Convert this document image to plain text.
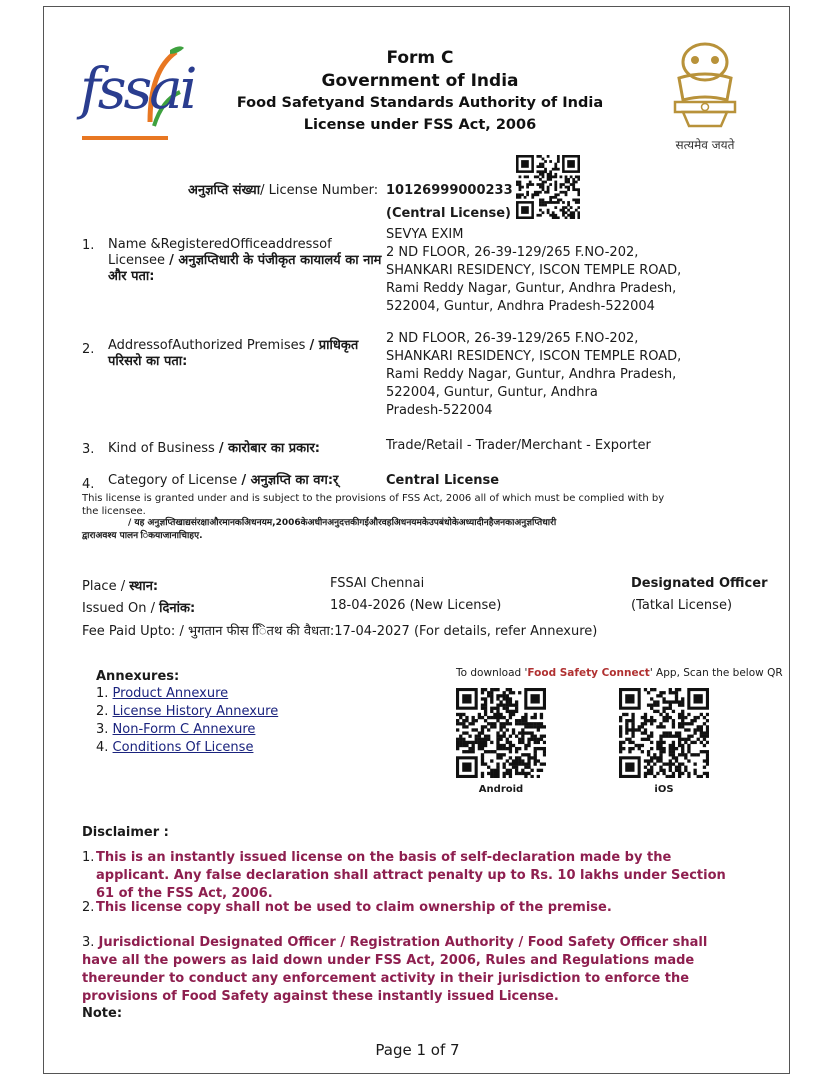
fssai
सत्यमेव जयते
Form C
Government of India
Food Safetyand Standards Authority of India
License under FSS Act, 2006
अनुज्ञप्ति संख्या/ License Number: 10126999000233
(Central License)
1. Name &RegisteredOfficeaddressof Licensee / अनुज्ञप्तिधारी के पंजीकृत कायालर्य का नाम और पता:
SEVYA EXIM
2 ND FLOOR, 26-39-129/265 F.NO-202,
SHANKARI RESIDENCY, ISCON TEMPLE ROAD,
Rami Reddy Nagar, Guntur, Andhra Pradesh,
522004, Guntur, Andhra Pradesh-522004
2. AddressofAuthorized Premises / प्राधिकृत परिसरो का पता:
2 ND FLOOR, 26-39-129/265 F.NO-202,
SHANKARI RESIDENCY, ISCON TEMPLE ROAD,
Rami Reddy Nagar, Guntur, Andhra Pradesh,
522004, Guntur, Guntur, Andhra
Pradesh-522004
3. Kind of Business / कारोबार का प्रकार:	Trade/Retail - Trader/Merchant - Exporter
4. Category of License / अनुज्ञप्ति का वग:र्	Central License
This license is granted under and is subject to the provisions of FSS Act, 2006 all of which must be complied with by the licensee.
/ यह अनुज्ञप्तिखाद्यसंरक्षाऔरमानकअिधनयम,2006केअधीनअनुदत्तकीगईऔरवहअिधनयमकेउपबंधोकेअध्यादीनहैजनकाअनुज्ञप्तिधारी
द्वाराअवश्य पालन िकयाजानाचािहए.
Place / स्थान:	FSSAI Chennai	Designated Officer
Issued On / दिनांक:	18-04-2026 (New License)	(Tatkal License)
Fee Paid Upto: / भुगतान फीस िितथ की वैधता:17-04-2027 (For details, refer Annexure)
Annexures:
1. Product Annexure
2. License History Annexure
3. Non-Form C Annexure
4. Conditions Of License
To download 'Food Safety Connect' App, Scan the below QR
Android	iOS
Disclaimer :
1. This is an instantly issued license on the basis of self-declaration made by the applicant. Any false declaration shall attract penalty up to Rs. 10 lakhs under Section 61 of the FSS Act, 2006.
2. This license copy shall not be used to claim ownership of the premise.
3. Jurisdictional Designated Officer / Registration Authority / Food Safety Officer shall have all the powers as laid down under FSS Act, 2006, Rules and Regulations made thereunder to conduct any enforcement activity in their jurisdiction to enforce the provisions of Food Safety against these instantly issued License.
Note:
Page 1 of 7
